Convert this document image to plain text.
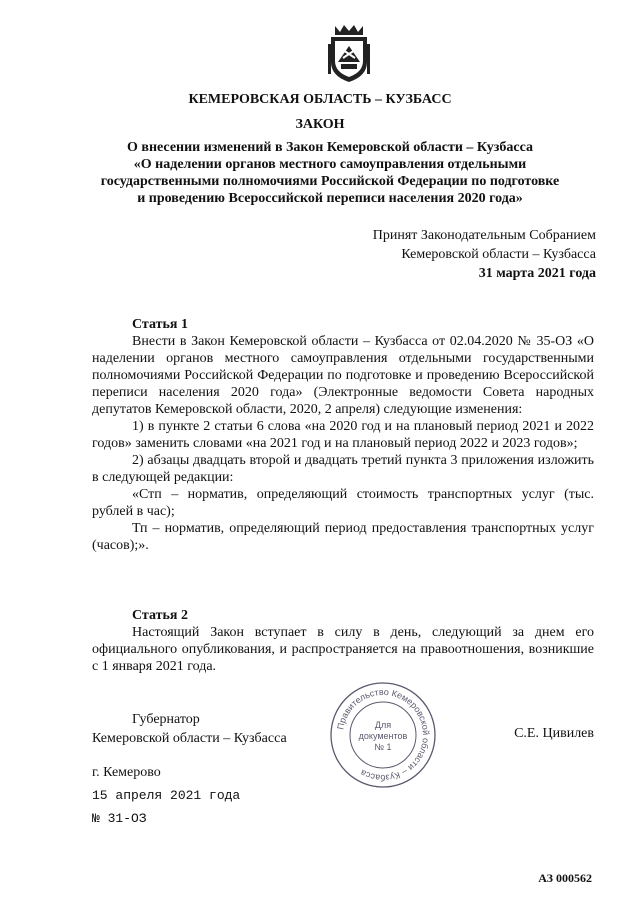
КЕМЕРОВСКАЯ ОБЛАСТЬ – КУЗБАСС
ЗАКОН
О внесении изменений в Закон Кемеровской области – Кузбасса
«О наделении органов местного самоуправления отдельными
государственными полномочиями Российской Федерации по подготовке
и проведению Всероссийской переписи населения 2020 года»
Принят Законодательным Собранием
Кемеровской области – Кузбасса
31 марта 2021 года
Статья 1

Внести в Закон Кемеровской области – Кузбасса от 02.04.2020 № 35-ОЗ «О наделении органов местного самоуправления отдельными государственными полномочиями Российской Федерации по подготовке и проведению Всероссийской переписи населения 2020 года» (Электронные ведомости Совета народных депутатов Кемеровской области, 2020, 2 апреля) следующие изменения:

1) в пункте 2 статьи 6 слова «на 2020 год и на плановый период 2021 и 2022 годов» заменить словами «на 2021 год и на плановый период 2022 и 2023 годов»;

2) абзацы двадцать второй и двадцать третий пункта 3 приложения изложить в следующей редакции:

«Стп – норматив, определяющий стоимость транспортных услуг (тыс. рублей в час);

Тп – норматив, определяющий период предоставления транспортных услуг (часов);».

Статья 2

Настоящий Закон вступает в силу в день, следующий за днем его официального опубликования, и распространяется на правоотношения, возникшие с 1 января 2021 года.

Губернатор
Кемеровской области – Кузбасса
Правительство Кемеровской области – Кузбасса
Для
документов
№ 1
С.Е. Цивилев
г. Кемерово
15 апреля 2021 года
№ 31-ОЗ
АЗ 000562
